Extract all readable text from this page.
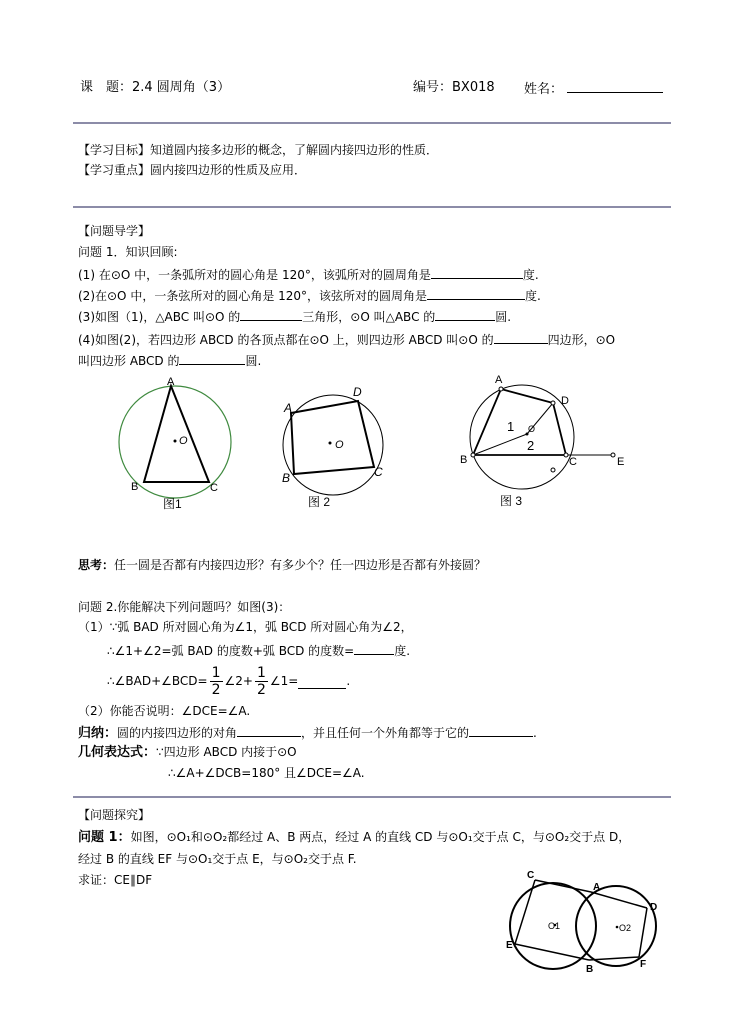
课　题：2.4 圆周角（3）	编号：BX018 姓名：
【学习目标】知道圆内接多边形的概念，了解圆内接四边形的性质．
【学习重点】圆内接四边形的性质及应用．
【问题导学】
问题 1．知识回顾:
(1) 在⊙O 中，一条弧所对的圆心角是 120°，该弧所对的圆周角是	度.
(2)在⊙O 中，一条弦所对的圆心角是 120°，该弦所对的圆周角是	度.
(3)如图（1)，△ABC 叫⊙O 的	三角形，⊙O 叫△ABC 的	圆.
(4)如图(2)，若四边形 ABCD 的各顶点都在⊙O 上，则四边形 ABCD 叫⊙O 的	四边形，⊙O
叫四边形 ABCD 的	圆.
O
A
B	C
图1
O
A
D
C
B
图 2
A
D
C
B	E
O
1
2
图 3
思考：任一圆是否都有内接四边形？有多少个？任一四边形是否都有外接圆？
问题 2.你能解决下列问题吗？如图(3)：
（1）∵弧 BAD 所对圆心角为∠1，弧 BCD 所对圆心角为∠2，
∴∠1+∠2=弧 BAD 的度数+弧 BCD 的度数=	度.
∴∠BAD+∠BCD= $\frac{1}{2}$ ∠2+ $\frac{1}{2}$ ∠1=	.
（2）你能否说明：∠DCE=∠A.
归纳：圆的内接四边形的对角	，并且任何一个外角都等于它的	.
几何表达式：∵四边形 ABCD 内接于⊙O
∴∠A+∠DCB=180° 且∠DCE=∠A.
【问题探究】
问题 1：如图，⊙O₁和⊙O₂都经过 A、B 两点，经过 A 的直线 CD 与⊙O₁交于点 C，与⊙O₂交于点 D，
经过 B 的直线 EF 与⊙O₁交于点 E，与⊙O₂交于点 F.
求证：CE∥DF
O1	O2
C
A
D
E
B	F
